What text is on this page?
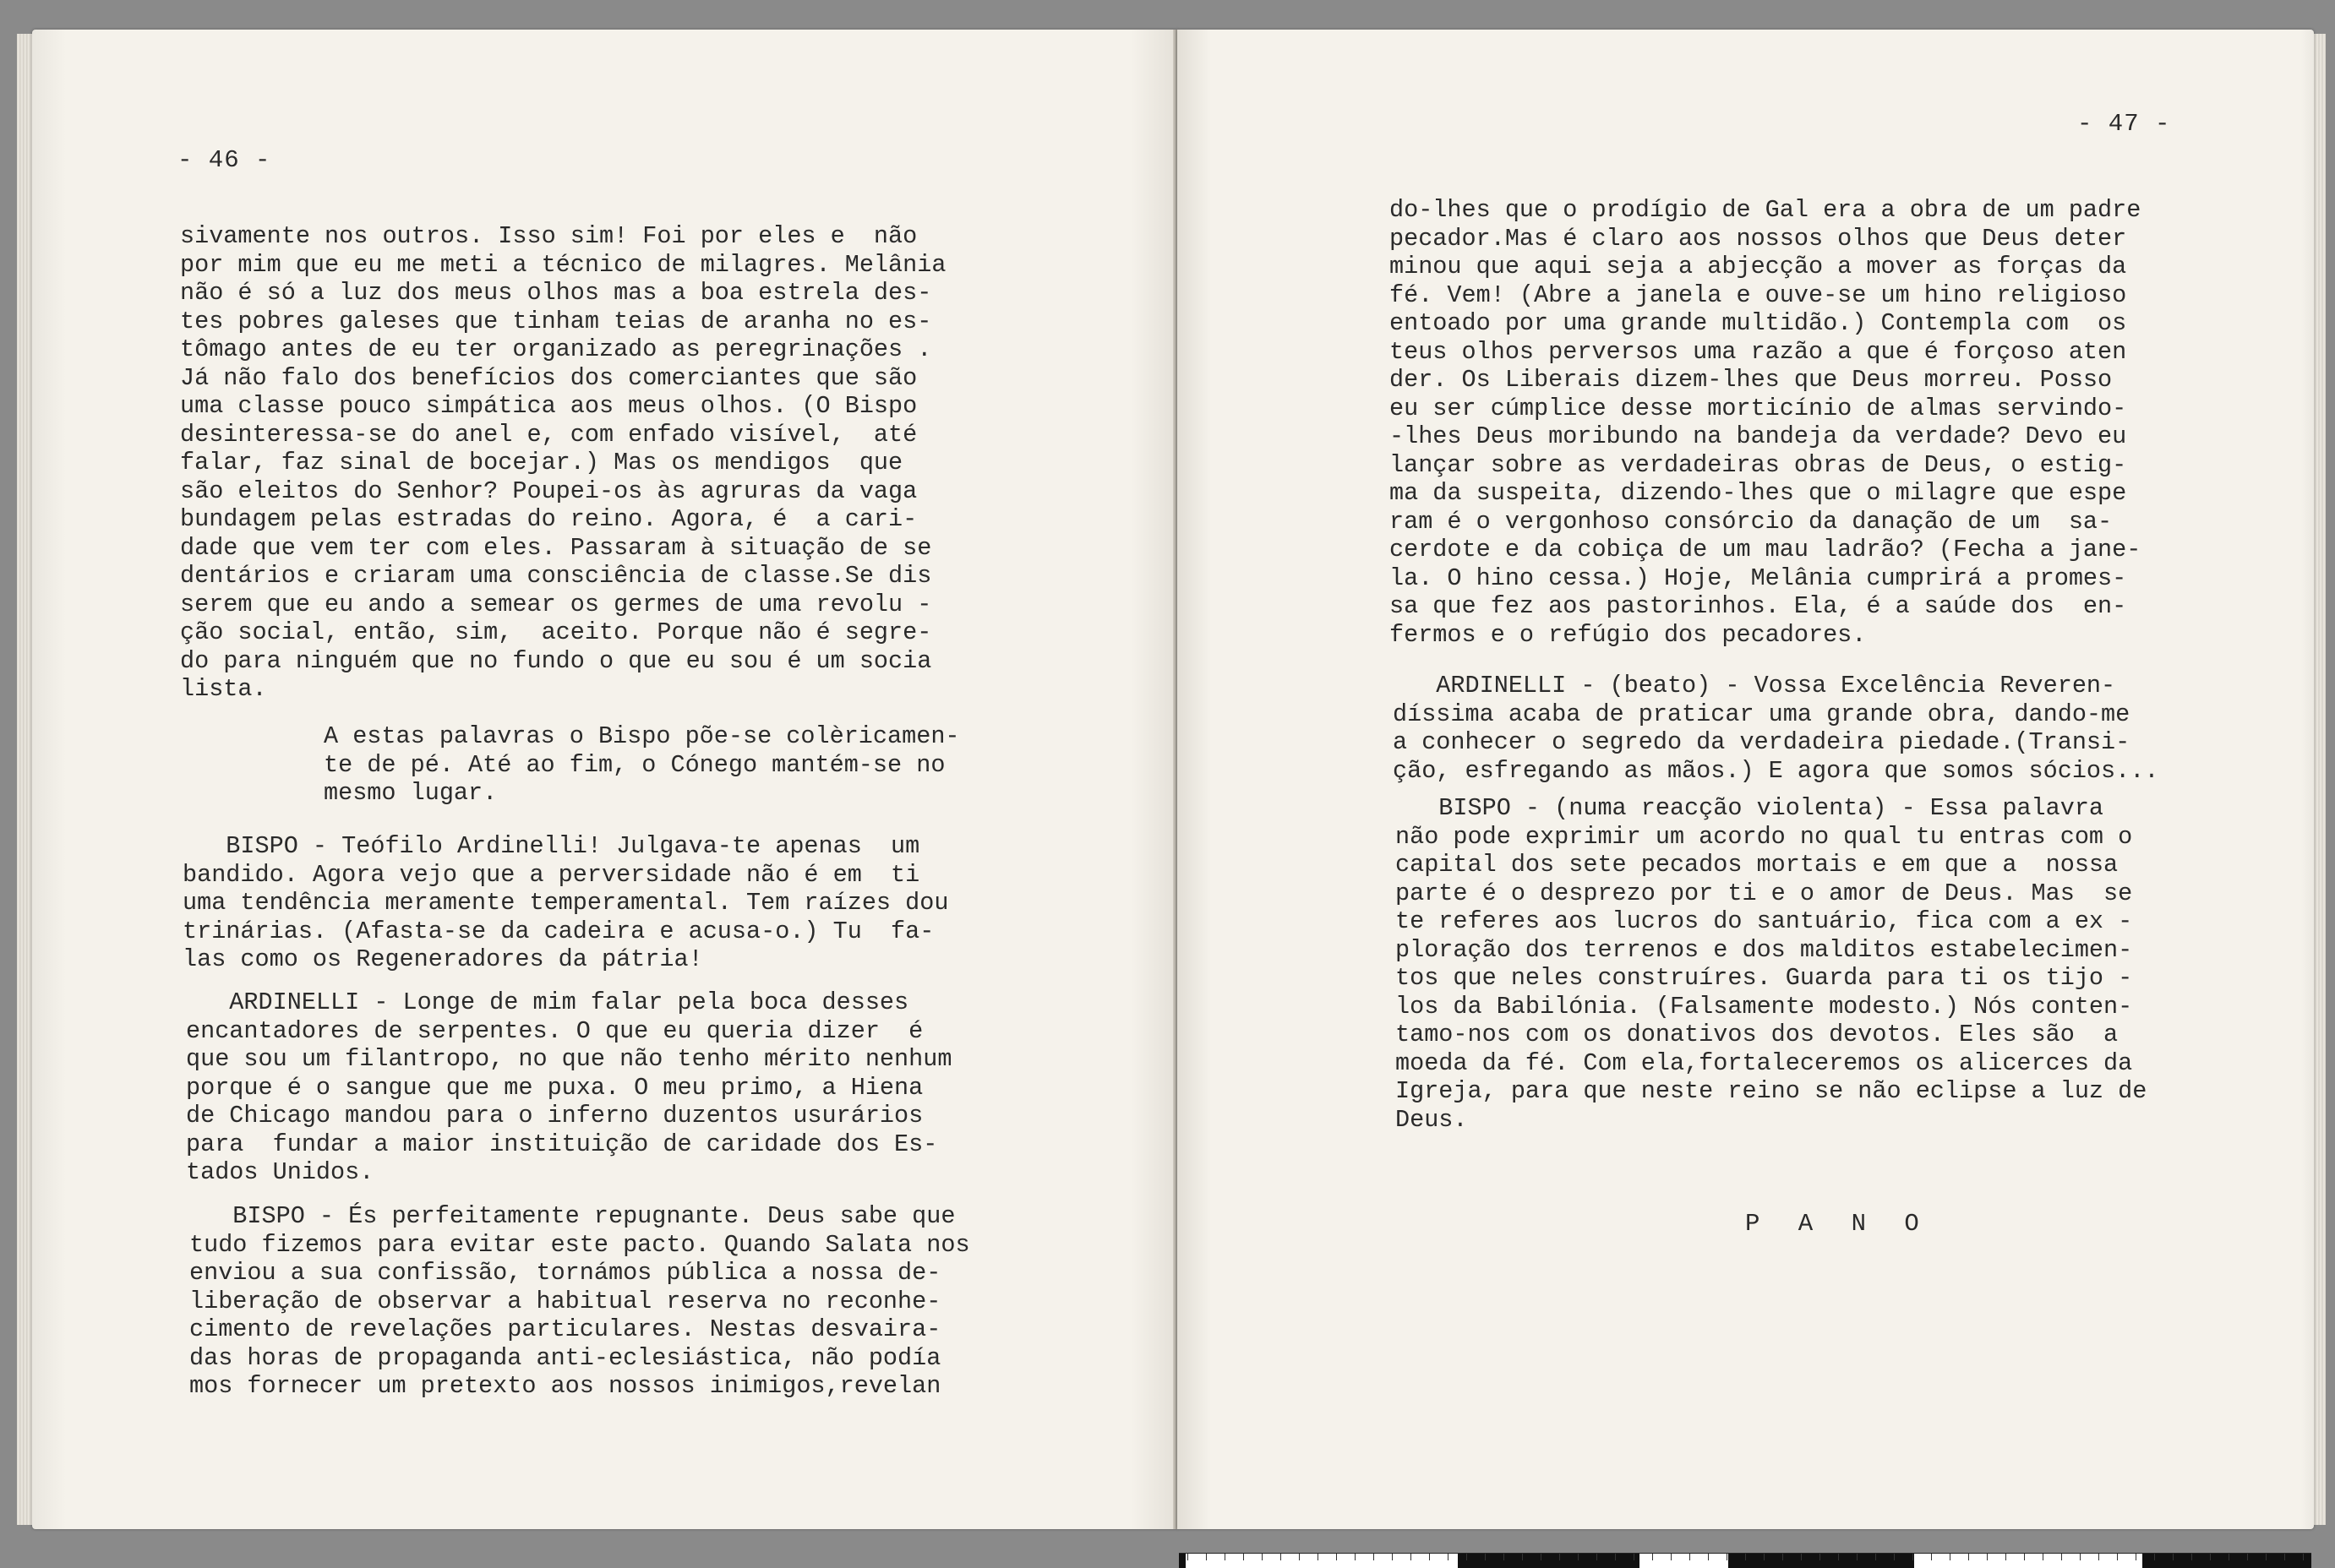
- 46 -
sivamente nos outros. Isso sim! Foi por eles e  não
por mim que eu me meti a técnico de milagres. Melânia
não é só a luz dos meus olhos mas a boa estrela des-
tes pobres galeses que tinham teias de aranha no es-
tômago antes de eu ter organizado as peregrinações .
Já não falo dos benefícios dos comerciantes que são
uma classe pouco simpática aos meus olhos. (O Bispo
desinteressa-se do anel e, com enfado visível,  até
falar, faz sinal de bocejar.) Mas os mendigos  que
são eleitos do Senhor? Poupei-os às agruras da vaga
bundagem pelas estradas do reino. Agora, é  a cari-
dade que vem ter com eles. Passaram à situação de se
dentários e criaram uma consciência de classe.Se dis
serem que eu ando a semear os germes de uma revolu -
ção social, então, sim,  aceito. Porque não é segre-
do para ninguém que no fundo o que eu sou é um socia
lista.
A estas palavras o Bispo põe-se colèricamen-
te de pé. Até ao fim, o Cónego mantém-se no
mesmo lugar.
BISPO - Teófilo Ardinelli! Julgava-te apenas  um
bandido. Agora vejo que a perversidade não é em  ti
uma tendência meramente temperamental. Tem raízes dou
trinárias. (Afasta-se da cadeira e acusa-o.) Tu  fa-
las como os Regeneradores da pátria!
ARDINELLI - Longe de mim falar pela boca desses
encantadores de serpentes. O que eu queria dizer  é
que sou um filantropo, no que não tenho mérito nenhum
porque é o sangue que me puxa. O meu primo, a Hiena
de Chicago mandou para o inferno duzentos usurários
para  fundar a maior instituição de caridade dos Es-
tados Unidos.
BISPO - És perfeitamente repugnante. Deus sabe que
tudo fizemos para evitar este pacto. Quando Salata nos
enviou a sua confissão, tornámos pública a nossa de-
liberação de observar a habitual reserva no reconhe-
cimento de revelações particulares. Nestas desvaira-
das horas de propaganda anti-eclesiástica, não podía
mos fornecer um pretexto aos nossos inimigos,revelan
- 47 -
do-lhes que o prodígio de Gal era a obra de um padre
pecador.Mas é claro aos nossos olhos que Deus deter
minou que aqui seja a abjecção a mover as forças da
fé. Vem! (Abre a janela e ouve-se um hino religioso
entoado por uma grande multidão.) Contempla com  os
teus olhos perversos uma razão a que é forçoso aten
der. Os Liberais dizem-lhes que Deus morreu. Posso
eu ser cúmplice desse morticínio de almas servindo-
-lhes Deus moribundo na bandeja da verdade? Devo eu
lançar sobre as verdadeiras obras de Deus, o estig-
ma da suspeita, dizendo-lhes que o milagre que espe
ram é o vergonhoso consórcio da danação de um  sa-
cerdote e da cobiça de um mau ladrão? (Fecha a jane-
la. O hino cessa.) Hoje, Melânia cumprirá a promes-
sa que fez aos pastorinhos. Ela, é a saúde dos  en-
fermos e o refúgio dos pecadores.
ARDINELLI - (beato) - Vossa Excelência Reveren-
díssima acaba de praticar uma grande obra, dando-me
a conhecer o segredo da verdadeira piedade.(Transi-
ção, esfregando as mãos.) E agora que somos sócios...
BISPO - (numa reacção violenta) - Essa palavra
não pode exprimir um acordo no qual tu entras com o
capital dos sete pecados mortais e em que a  nossa
parte é o desprezo por ti e o amor de Deus. Mas  se
te referes aos lucros do santuário, fica com a ex -
ploração dos terrenos e dos malditos estabelecimen-
tos que neles construíres. Guarda para ti os tijo -
los da Babilónia. (Falsamente modesto.) Nós conten-
tamo-nos com os donativos dos devotos. Eles são  a
moeda da fé. Com ela,fortaleceremos os alicerces da
Igreja, para que neste reino se não eclipse a luz de
Deus.
P A N O
